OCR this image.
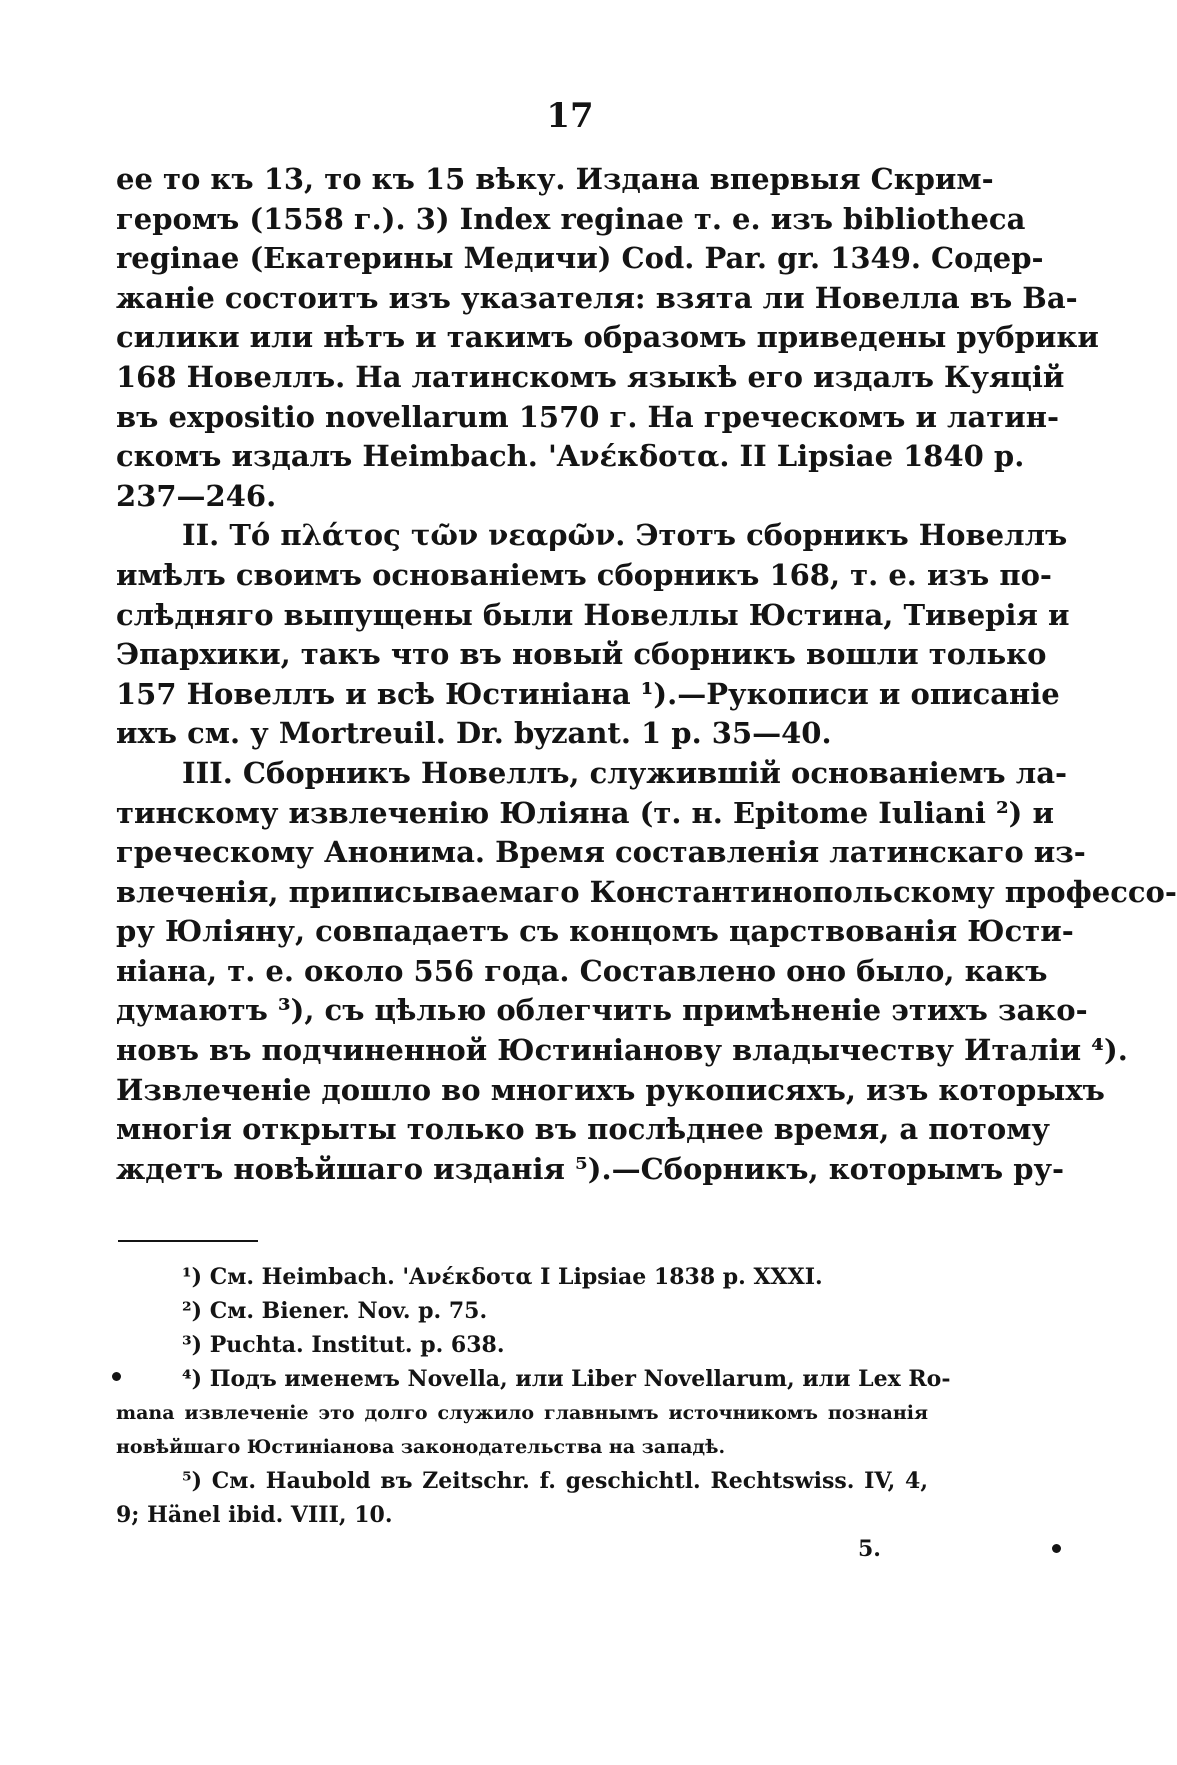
17
ее то къ 13, то къ 15 вѣку. Издана впервыя Скрим-
геромъ (1558 г.). 3) Index reginae т. е. изъ bibliotheca
reginae (Екатерины Медичи) Cod. Par. gr. 1349. Содер-
жаніе состоитъ изъ указателя: взята ли Новелла въ Ва-
силики или нѣтъ и такимъ образомъ приведены рубрики
168 Новеллъ. На латинскомъ языкѣ его издалъ Куяцій
въ expositio novellarum 1570 г. На греческомъ и латин-
скомъ издалъ Heimbach. 'Ανέκδοτα. II Lipsiae 1840 p.
237—246.
II. Τό πλάτος τῶν νεαρῶν. Этотъ сборникъ Новеллъ
имѣлъ своимъ основаніемъ сборникъ 168, т. е. изъ по-
слѣдняго выпущены были Новеллы Юстина, Тиверія и
Эпархики, такъ что въ новый сборникъ вошли только
157 Новеллъ и всѣ Юстиніана ¹).—Рукописи и описаніе
ихъ см. у Mortreuil. Dr. byzant. 1 p. 35—40.
III. Сборникъ Новеллъ, служившій основаніемъ ла-
тинскому извлеченію Юліяна (т. н. Epitome Iuliani ²) и
греческому Анонима. Время составленія латинскаго из-
влеченія, приписываемаго Константинопольскому профессо-
ру Юліяну, совпадаетъ съ концомъ царствованія Юсти-
ніана, т. е. около 556 года. Составлено оно было, какъ
думаютъ ³), съ цѣлью облегчить примѣненіе этихъ зако-
новъ въ подчиненной Юстиніанову владычеству Италіи ⁴).
Извлеченіе дошло во многихъ рукописяхъ, изъ которыхъ
многія открыты только въ послѣднее время, а потому
ждетъ новѣйшаго изданія ⁵).—Сборникъ, которымъ ру-
¹) См. Heimbach. 'Ανέκδοτα I Lipsiae 1838 p. XXXI.
²) См. Biener. Nov. p. 75.
³) Puchta. Institut. p. 638.
⁴) Подъ именемъ Novella, или Liber Novellarum, или Lex Ro-
mana извлеченіе это долго служило главнымъ источникомъ познанія
новѣйшаго Юстиніанова законодательства на западѣ.
⁵) См. Haubold въ Zeitschr. f. geschichtl. Rechtswiss. IV, 4,
9; Hänel ibid. VIII, 10.
5.
